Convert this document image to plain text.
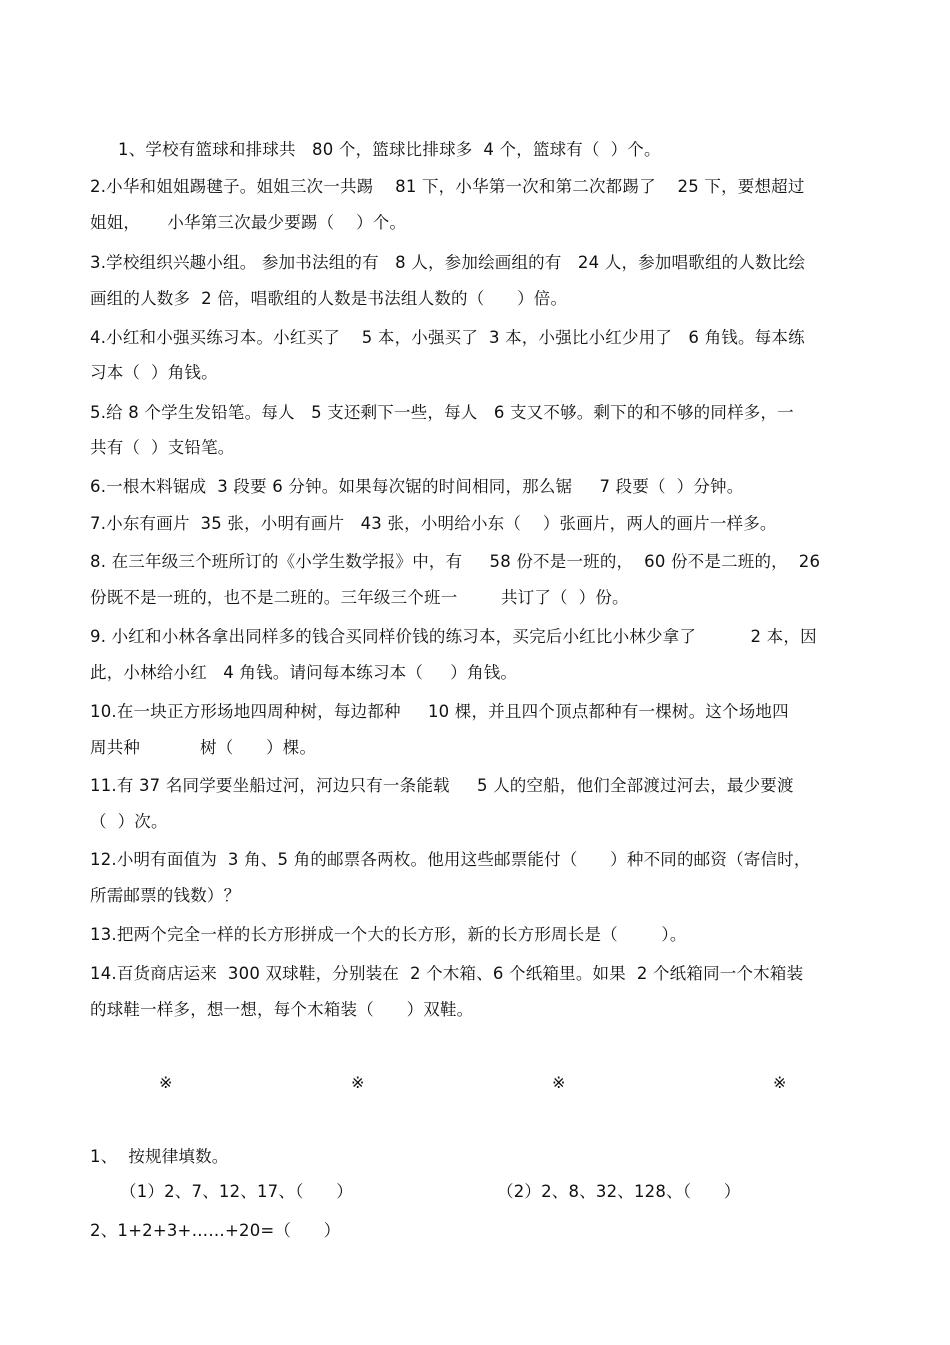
1、学校有篮球和排球共   80 个，篮球比排球多  4 个，篮球有（  ）个。
2.小华和姐姐踢毽子。姐姐三次一共踢    81 下，小华第一次和第二次都踢了    25 下，要想超过
姐姐，     小华第三次最少要踢（    ）个。
3.学校组织兴趣小组。 参加书法组的有   8 人，参加绘画组的有   24 人，参加唱歌组的人数比绘
画组的人数多  2 倍，唱歌组的人数是书法组人数的（      ）倍。
4.小红和小强买练习本。小红买了    5 本，小强买了  3 本，小强比小红少用了   6 角钱。每本练
习本（  ）角钱。
5.给 8 个学生发铅笔。每人   5 支还剩下一些，每人   6 支又不够。剩下的和不够的同样多，一
共有（  ）支铅笔。
6.一根木料锯成  3 段要 6 分钟。如果每次锯的时间相同，那么锯     7 段要（  ）分钟。
7.小东有画片  35 张，小明有画片   43 张，小明给小东（    ）张画片，两人的画片一样多。
8. 在三年级三个班所订的《小学生数学报》中，有     58 份不是一班的，  60 份不是二班的，  26
份既不是一班的，也不是二班的。三年级三个班一        共订了（  ）份。
9. 小红和小林各拿出同样多的钱合买同样价钱的练习本，买完后小红比小林少拿了          2 本，因
此，小林给小红   4 角钱。请问每本练习本（     ）角钱。
10.在一块正方形场地四周种树，每边都种     10 棵，并且四个顶点都种有一棵树。这个场地四
周共种           树（      ）棵。
11.有 37 名同学要坐船过河，河边只有一条能载     5 人的空船，他们全部渡过河去，最少要渡
（  ）次。
12.小明有面值为  3 角、5 角的邮票各两枚。他用这些邮票能付（      ）种不同的邮资（寄信时，
所需邮票的钱数）？
13.把两个完全一样的长方形拼成一个大的长方形，新的长方形周长是（        ）。
14.百货商店运来  300 双球鞋，分别装在  2 个木箱、6 个纸箱里。如果  2 个纸箱同一个木箱装
的球鞋一样多，想一想，每个木箱装（      ）双鞋。
※	※	※	※
1、  按规律填数。
（1）2、7、12、17、（      ）	（2）2、8、32、128、（      ）
2、1+2+3+……+20=（      ）
